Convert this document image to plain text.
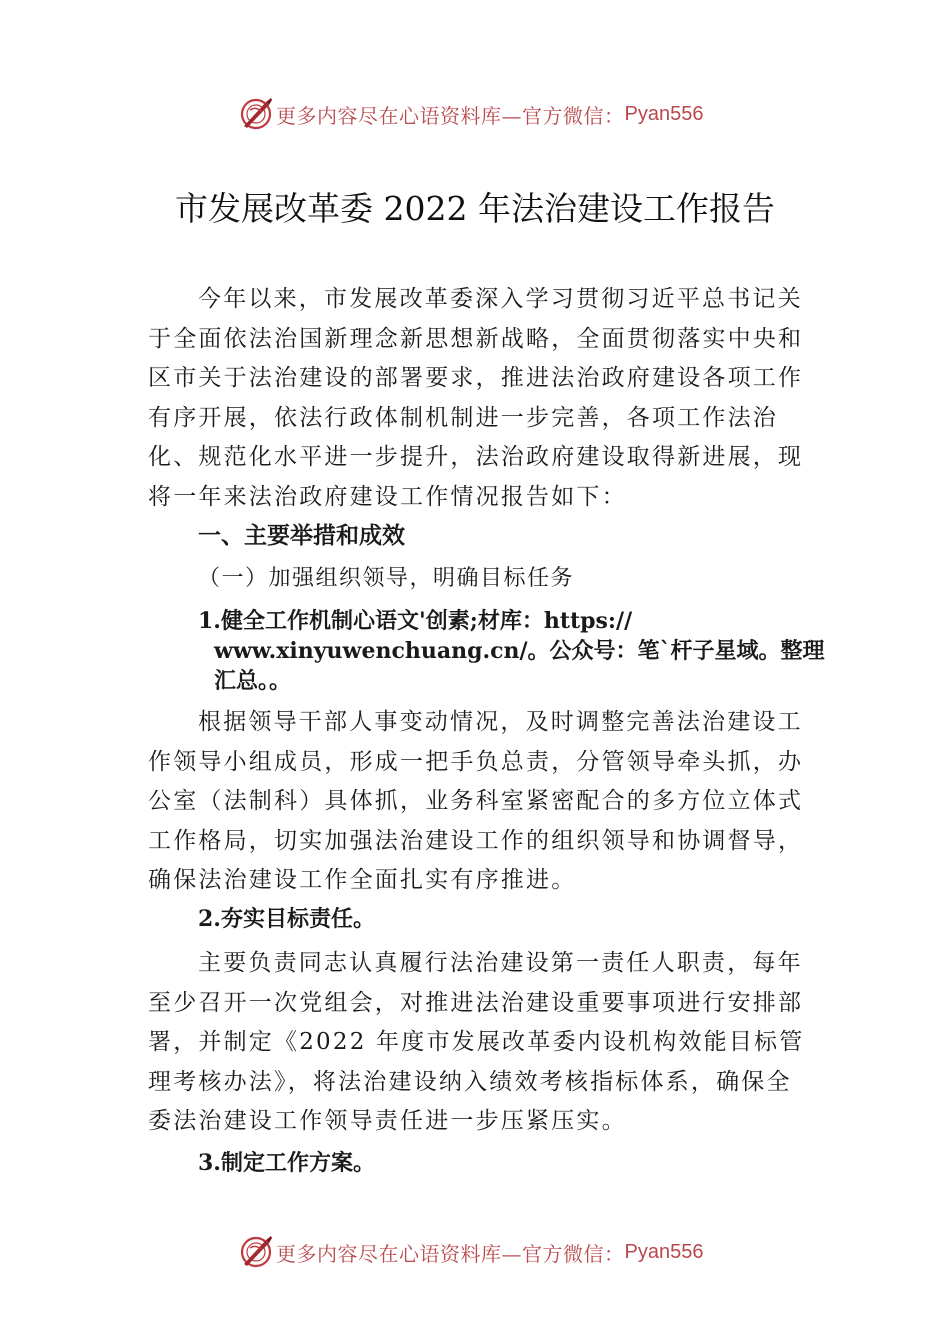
更多内容尽在心语资料库—官方微信： Pyan556
市发展改革委 2022 年法治建设工作报告
今年以来，市发展改革委深入学习贯彻习近平总书记关于全面依法治国新理念新思想新战略，全面贯彻落实中央和区市关于法治建设的部署要求，推进法治政府建设各项工作有序开展，依法行政体制机制进一步完善，各项工作法治化、规范化水平进一步提升，法治政府建设取得新进展，现将一年来法治政府建设工作情况报告如下：
一、主要举措和成效
（一）加强组织领导，明确目标任务
1.健全工作机制心语文'创素;材库：https://
www.xinyuwenchuang.cn/。公众号：笔`杆子星域。整理
汇总。。
根据领导干部人事变动情况，及时调整完善法治建设工作领导小组成员，形成一把手负总责，分管领导牵头抓，办公室（法制科）具体抓，业务科室紧密配合的多方位立体式工作格局，切实加强法治建设工作的组织领导和协调督导， 确保法治建设工作全面扎实有序推进。
2.夯实目标责任。
主要负责同志认真履行法治建设第一责任人职责，每年至少召开一次党组会，对推进法治建设重要事项进行安排部署，并制定《2022 年度市发展改革委内设机构效能目标管理考核办法》，将法治建设纳入绩效考核指标体系，确保全委法治建设工作领导责任进一步压紧压实。
3.制定工作方案。
更多内容尽在心语资料库—官方微信： Pyan556
